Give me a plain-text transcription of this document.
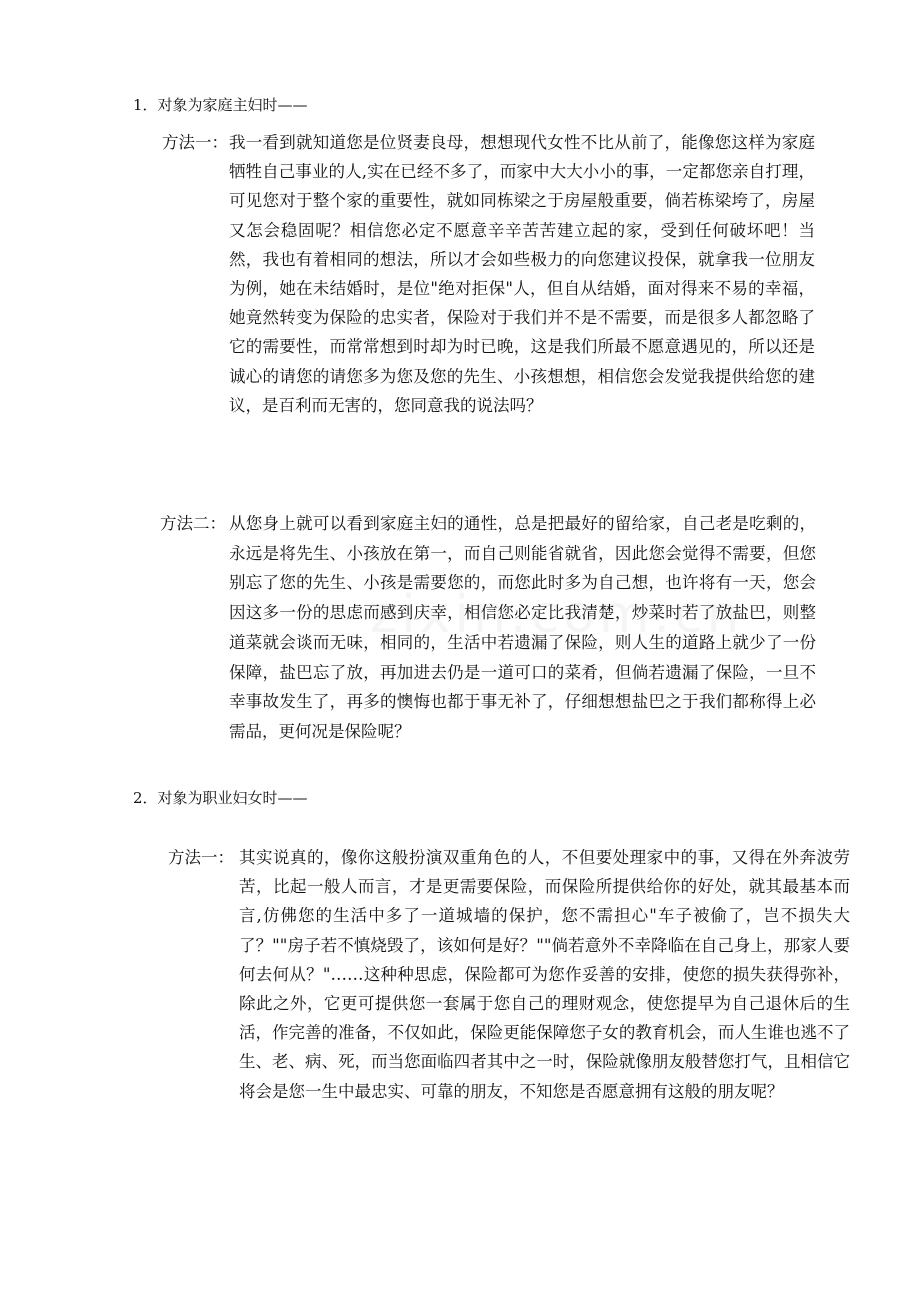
1．对象为家庭主妇时——
方法一： 我一看到就知道您是位贤妻良母，想想现代女性不比从前了，能像您这样为家庭牺牲自己事业的人,实在已经不多了，而家中大大小小的事，一定都您亲自打理，可见您对于整个家的重要性，就如同栋梁之于房屋般重要，倘若栋梁垮了，房屋又怎会稳固呢？相信您必定不愿意辛辛苦苦建立起的家，受到任何破坏吧！当然，我也有着相同的想法，所以才会如些极力的向您建议投保，就拿我一位朋友为例，她在未结婚时，是位"绝对拒保"人，但自从结婚，面对得来不易的幸福，她竟然转变为保险的忠实者，保险对于我们并不是不需要，而是很多人都忽略了它的需要性，而常常想到时却为时已晚，这是我们所最不愿意遇见的，所以还是诚心的请您的请您多为您及您的先生、小孩想想，相信您会发觉我提供给您的建议，是百利而无害的，您同意我的说法吗？
方法二： 从您身上就可以看到家庭主妇的通性，总是把最好的留给家，自己老是吃剩的，永远是将先生、小孩放在第一，而自己则能省就省，因此您会觉得不需要，但您别忘了您的先生、小孩是需要您的，而您此时多为自己想，也许将有一天，您会因这多一份的思虑而感到庆幸，相信您必定比我清楚，炒菜时若了放盐巴，则整道菜就会谈而无味，相同的，生活中若遗漏了保险，则人生的道路上就少了一份保障，盐巴忘了放，再加进去仍是一道可口的菜肴，但倘若遗漏了保险，一旦不幸事故发生了，再多的懊悔也都于事无补了，仔细想想盐巴之于我们都称得上必需品，更何况是保险呢？
2．对象为职业妇女时——
方法一： 其实说真的，像你这般扮演双重角色的人，不但要处理家中的事，又得在外奔波劳苦，比起一般人而言，才是更需要保险，而保险所提供给你的好处，就其最基本而言,仿佛您的生活中多了一道城墙的保护，您不需担心"车子被偷了，岂不损失大了？""房子若不慎烧毁了，该如何是好？""倘若意外不幸降临在自己身上，那家人要何去何从？"……这种种思虑，保险都可为您作妥善的安排，使您的损失获得弥补，除此之外，它更可提供您一套属于您自己的理财观念，使您提早为自己退休后的生活，作完善的准备，不仅如此，保险更能保障您子女的教育机会，而人生谁也逃不了生、老、病、死，而当您面临四者其中之一时，保险就像朋友般替您打气，且相信它将会是您一生中最忠实、可靠的朋友，不知您是否愿意拥有这般的朋友呢？
